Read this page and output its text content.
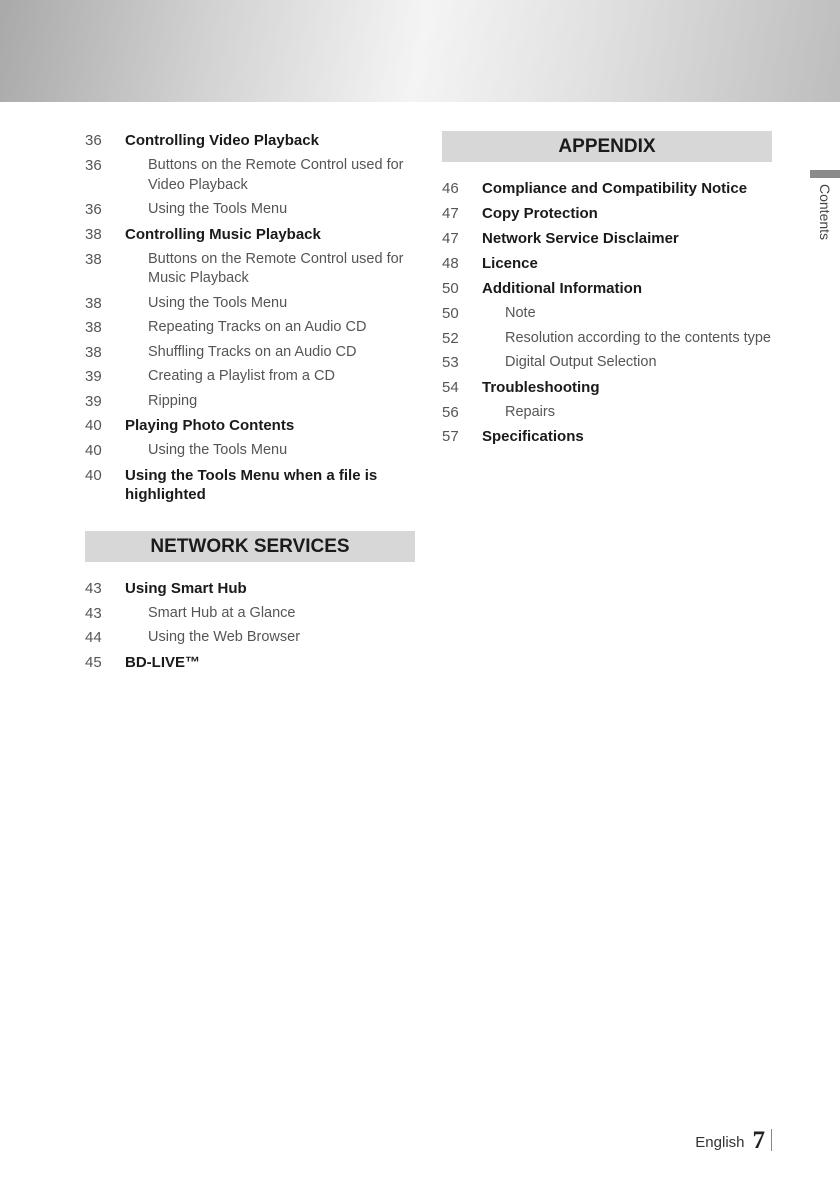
36	Controlling Video Playback
36	Buttons on the Remote Control used for Video Playback
36	Using the Tools Menu
38	Controlling Music Playback
38	Buttons on the Remote Control used for Music Playback
38	Using the Tools Menu
38	Repeating Tracks on an Audio CD
38	Shuffling Tracks on an Audio CD
39	Creating a Playlist from a CD
39	Ripping
40	Playing Photo Contents
40	Using the Tools Menu
40	Using the Tools Menu when a file is highlighted
NETWORK SERVICES
43	Using Smart Hub
43	Smart Hub at a Glance
44	Using the Web Browser
45	BD-LIVE™
APPENDIX
46	Compliance and Compatibility Notice
47	Copy Protection
47	Network Service Disclaimer
48	Licence
50	Additional Information
50	Note
52	Resolution according to the contents type
53	Digital Output Selection
54	Troubleshooting
56	Repairs
57	Specifications
Contents
English 7
